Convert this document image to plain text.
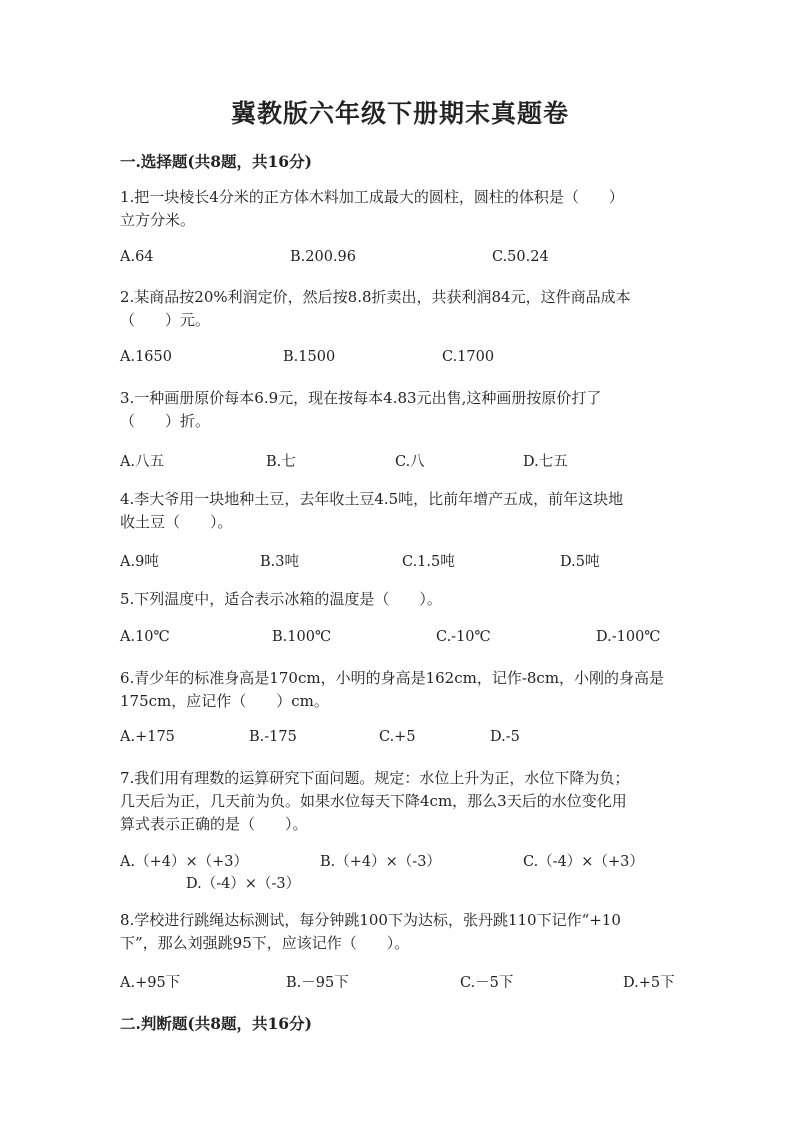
冀教版六年级下册期末真题卷
一.选择题(共8题，共16分)
1.把一块棱长4分米的正方体木料加工成最大的圆柱，圆柱的体积是（　　）
立方分米。
A.64	B.200.96	C.50.24
2.某商品按20%利润定价，然后按8.8折卖出，共获利润84元，这件商品成本
（　　）元。
A.1650	B.1500	C.1700
3.一种画册原价每本6.9元，现在按每本4.83元出售,这种画册按原价打了
（　　）折。
A.八五	B.七	C.八	D.七五
4.李大爷用一块地种土豆，去年收土豆4.5吨，比前年增产五成，前年这块地
收土豆（　　）。
A.9吨	B.3吨	C.1.5吨	D.5吨
5.下列温度中，适合表示冰箱的温度是（　　）。
A.10℃	B.100℃	C.-10℃	D.-100℃
6.青少年的标准身高是170cm，小明的身高是162cm，记作-8cm，小刚的身高是
175cm，应记作（　　）cm。
A.+175	B.-175	C.+5	D.-5
7.我们用有理数的运算研究下面问题。规定：水位上升为正，水位下降为负；
几天后为正，几天前为负。如果水位每天下降4cm，那么3天后的水位变化用
算式表示正确的是（　　）。
A.（+4）×（+3）	B.（+4）×（-3）	C.（-4）×（+3）
D.（-4）×（-3）
8.学校进行跳绳达标测试，每分钟跳100下为达标，张丹跳110下记作“+10
下”，那么刘强跳95下，应该记作（　　）。
A.+95下	B.－95下	C.－5下	D.+5下
二.判断题(共8题，共16分)
